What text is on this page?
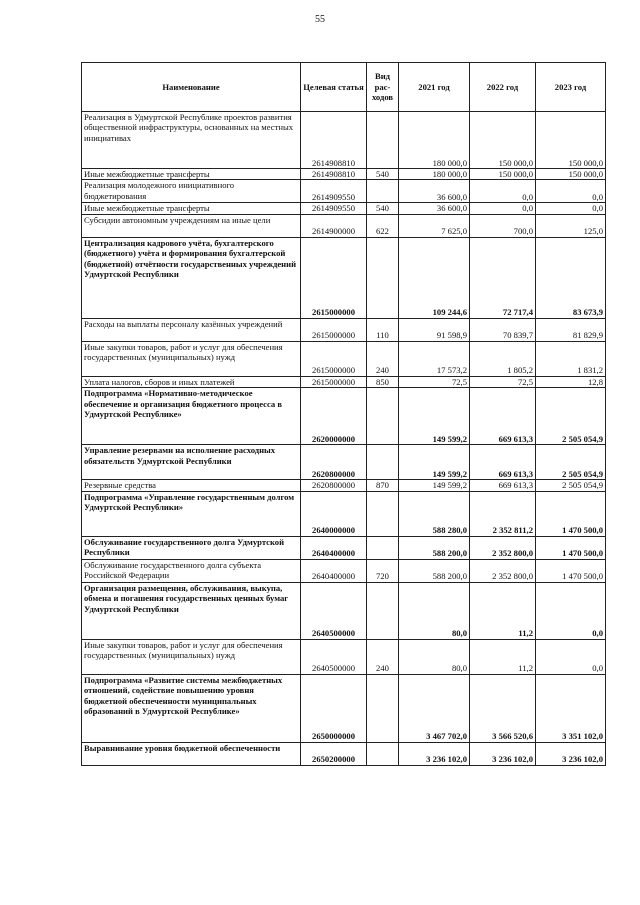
55
Наименование	Целевая статья	Вид рас-ходов	2021 год	2022 год	2023 год
Реализация в Удмуртской Республике проектов развития общественной инфраструктуры, основанных на местных инициативах	2614908810		180 000,0	150 000,0	150 000,0
Иные межбюджетные трансферты	2614908810	540	180 000,0	150 000,0	150 000,0
Реализация молодежного инициативного бюджетирования	2614909550		36 600,0	0,0	0,0
Иные межбюджетные трансферты	2614909550	540	36 600,0	0,0	0,0
Субсидии автономным учреждениям на иные цели	2614900000	622	7 625,0	700,0	125,0
Централизация кадрового учёта, бухгалтерского (бюджетного) учёта и формирования бухгалтерской (бюджетной) отчётности государственных учреждений Удмуртской Республики	2615000000		109 244,6	72 717,4	83 673,9
Расходы на выплаты персоналу казённых учреждений	2615000000	110	91 598,9	70 839,7	81 829,9
Иные закупки товаров, работ и услуг для обеспечения государственных (муниципальных) нужд	2615000000	240	17 573,2	1 805,2	1 831,2
Уплата налогов, сборов и иных платежей	2615000000	850	72,5	72,5	12,8
Подпрограмма «Нормативно-методическое обеспечение и организация бюджетного процесса в Удмуртской Республике»	2620000000		149 599,2	669 613,3	2 505 054,9
Управление резервами на исполнение расходных обязательств Удмуртской Республики	2620800000		149 599,2	669 613,3	2 505 054,9
Резервные средства	2620800000	870	149 599,2	669 613,3	2 505 054,9
Подпрограмма «Управление государственным долгом Удмуртской Республики»	2640000000		588 280,0	2 352 811,2	1 470 500,0
Обслуживание государственного долга Удмуртской Республики	2640400000		588 200,0	2 352 800,0	1 470 500,0
Обслуживание государственного долга субъекта Российской Федерации	2640400000	720	588 200,0	2 352 800,0	1 470 500,0
Организация размещения, обслуживания, выкупа, обмена и погашения государственных ценных бумаг Удмуртской Республики	2640500000		80,0	11,2	0,0
Иные закупки товаров, работ и услуг для обеспечения государственных (муниципальных) нужд	2640500000	240	80,0	11,2	0,0
Подпрограмма «Развитие системы межбюджетных отношений, содействие повышению уровня бюджетной обеспеченности муниципальных образований в Удмуртской Республике»	2650000000		3 467 702,0	3 566 520,6	3 351 102,0
Выравнивание уровня бюджетной обеспеченности	2650200000		3 236 102,0	3 236 102,0	3 236 102,0
